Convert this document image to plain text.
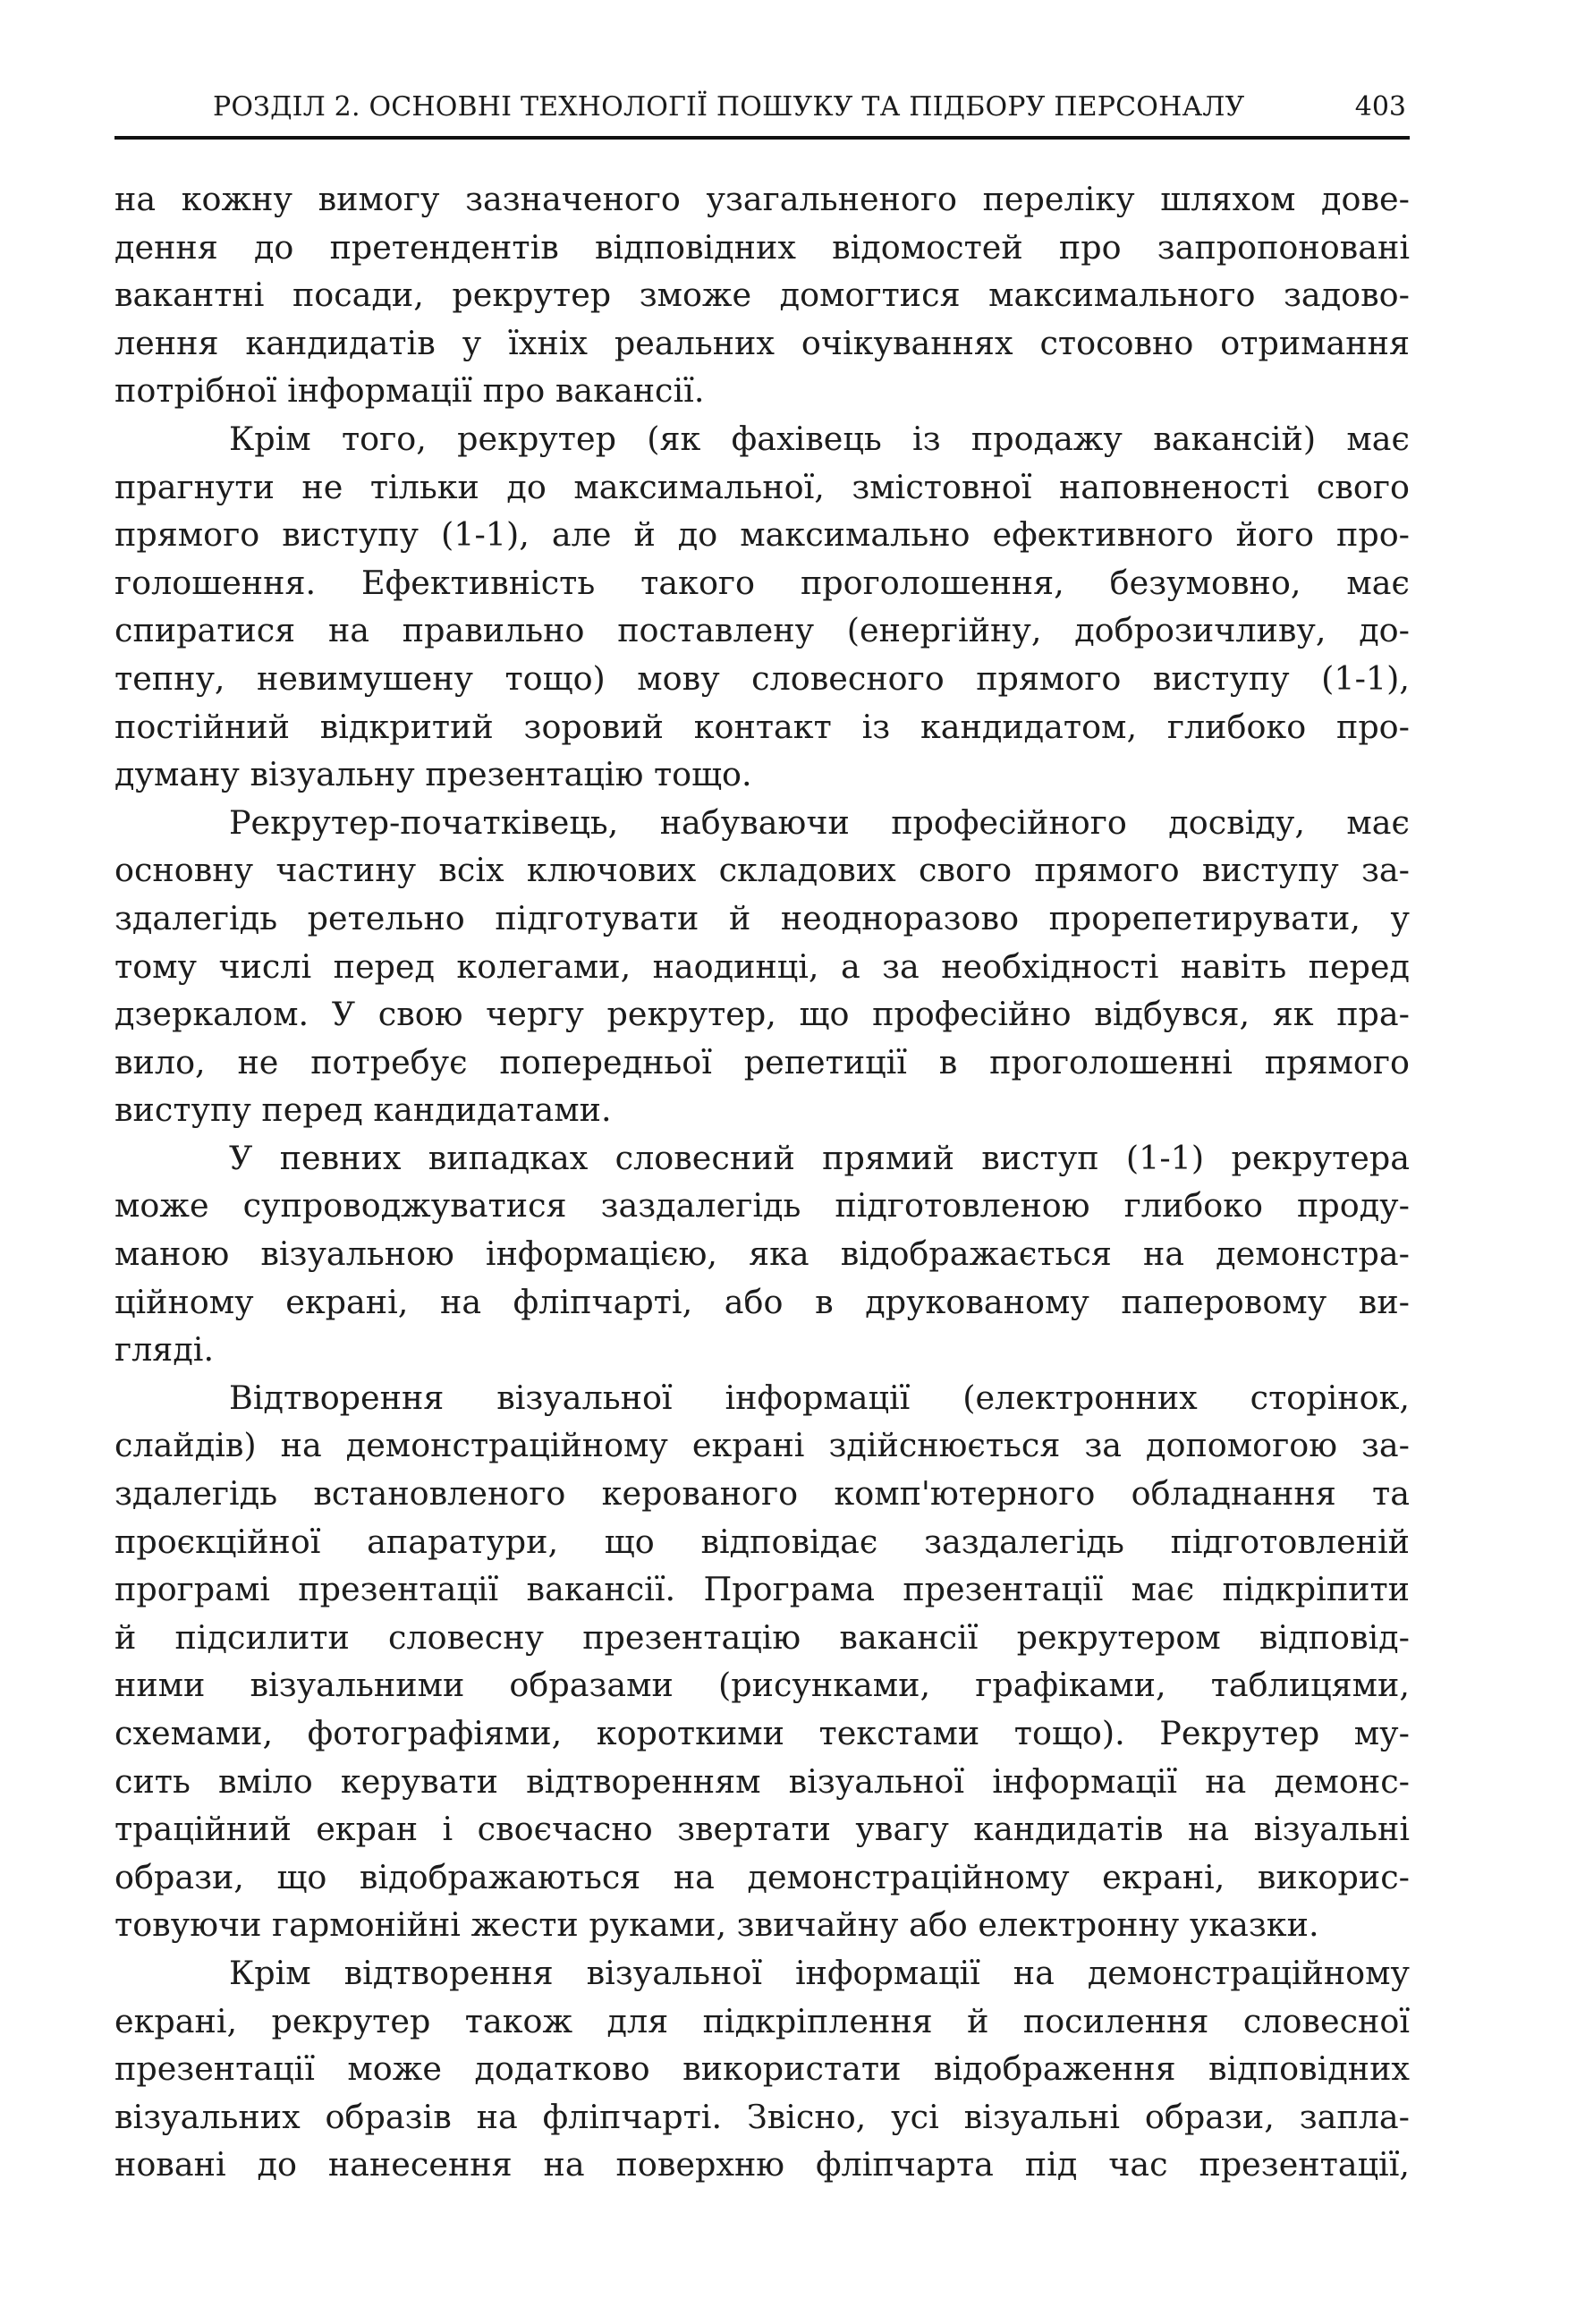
РОЗДІЛ 2. ОСНОВНІ ТЕХНОЛОГІЇ ПОШУКУ ТА ПІДБОРУ ПЕРСОНАЛУ	403

на кожну вимогу зазначеного узагальненого переліку шляхом дове-
дення до претендентів відповідних відомостей про запропоновані
вакантні посади, рекрутер зможе домогтися максимального задово-
лення кандидатів у їхніх реальних очікуваннях стосовно отримання
потрібної інформації про вакансії.

Крім того, рекрутер (як фахівець із продажу вакансій) має
прагнути не тільки до максимальної, змістовної наповненості свого
прямого виступу (1-1), але й до максимально ефективного його про-
голошення. Ефективність такого проголошення, безумовно, має
спиратися на правильно поставлену (енергійну, доброзичливу, до-
тепну, невимушену тощо) мову словесного прямого виступу (1-1),
постійний відкритий зоровий контакт із кандидатом, глибоко про-
думану візуальну презентацію тощо.

Рекрутер-початківець, набуваючи професійного досвіду, має
основну частину всіх ключових складових свого прямого виступу за-
здалегідь ретельно підготувати й неодноразово прорепетирувати, у
тому числі перед колегами, наодинці, а за необхідності навіть перед
дзеркалом. У свою чергу рекрутер, що професійно відбувся, як пра-
вило, не потребує попередньої репетиції в проголошенні прямого
виступу перед кандидатами.

У певних випадках словесний прямий виступ (1-1) рекрутера
може супроводжуватися заздалегідь підготовленою глибоко проду-
маною візуальною інформацією, яка відображається на демонстра-
ційному екрані, на фліпчарті, або в друкованому паперовому ви-
гляді.

Відтворення візуальної інформації (електронних сторінок,
слайдів) на демонстраційному екрані здійснюється за допомогою за-
здалегідь встановленого керованого комп'ютерного обладнання та
проєкційної апаратури, що відповідає заздалегідь підготовленій
програмі презентації вакансії. Програма презентації має підкріпити
й підсилити словесну презентацію вакансії рекрутером відповід-
ними візуальними образами (рисунками, графіками, таблицями,
схемами, фотографіями, короткими текстами тощо). Рекрутер му-
сить вміло керувати відтворенням візуальної інформації на демонс-
траційний екран і своєчасно звертати увагу кандидатів на візуальні
образи, що відображаються на демонстраційному екрані, викорис-
товуючи гармонійні жести руками, звичайну або електронну указки.

Крім відтворення візуальної інформації на демонстраційному
екрані, рекрутер також для підкріплення й посилення словесної
презентації може додатково використати відображення відповідних
візуальних образів на фліпчарті. Звісно, усі візуальні образи, запла-
новані до нанесення на поверхню фліпчарта під час презентації,
